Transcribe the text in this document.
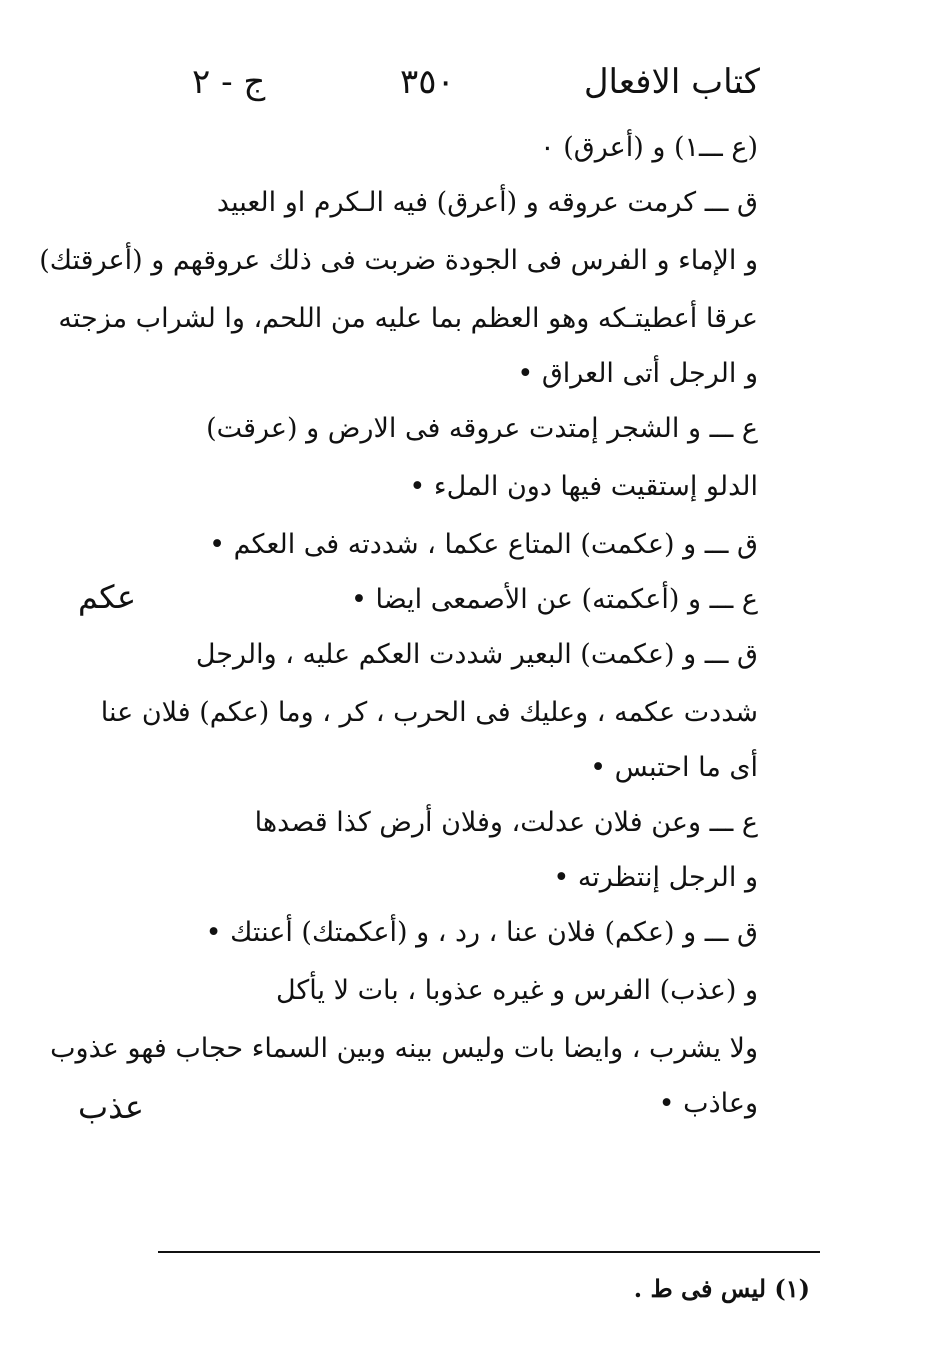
كتاب الافعال
٣٥٠
ج - ٢
(ع ـــ١) و (أعرق) ٠
ق ـــ كرمت عروقه و (أعرق) فيه الـكرم او العبيد
و الإماء و الفرس فى الجودة ضربت فى ذلك عروقهم و (أعرقتك)
عرقا أعطيتـكه وهو العظم بما عليه من اللحم، وا لشراب مزجته
و الرجل أتى العراق •
ع ـــ و الشجر إمتدت عروقه فى الارض و (عرقت)
الدلو إستقيت فيها دون الملء •
ق ـــ و (عكمت) المتاع عكما ، شددته فى العكم •
ع ـــ و (أعكمته) عن الأصمعى ايضا •
ق ـــ و (عكمت) البعير شددت العكم عليه ، والرجل
شددت عكمه ، وعليك فى الحرب ، كر ، وما (عكم) فلان عنا
أى ما احتبس •
ع ـــ وعن فلان عدلت، وفلان أرض كذا قصدها
و الرجل إنتظرته •
ق ـــ و (عكم) فلان عنا ، رد ، و (أعكمتك) أعنتك •
و (عذب) الفرس و غيره عذوبا ، بات لا يأكل
ولا يشرب ، وايضا بات وليس بينه وبين السماء حجاب فهو عذوب
وعاذب •
عكم
عذب
(١) ليس فى ط .
